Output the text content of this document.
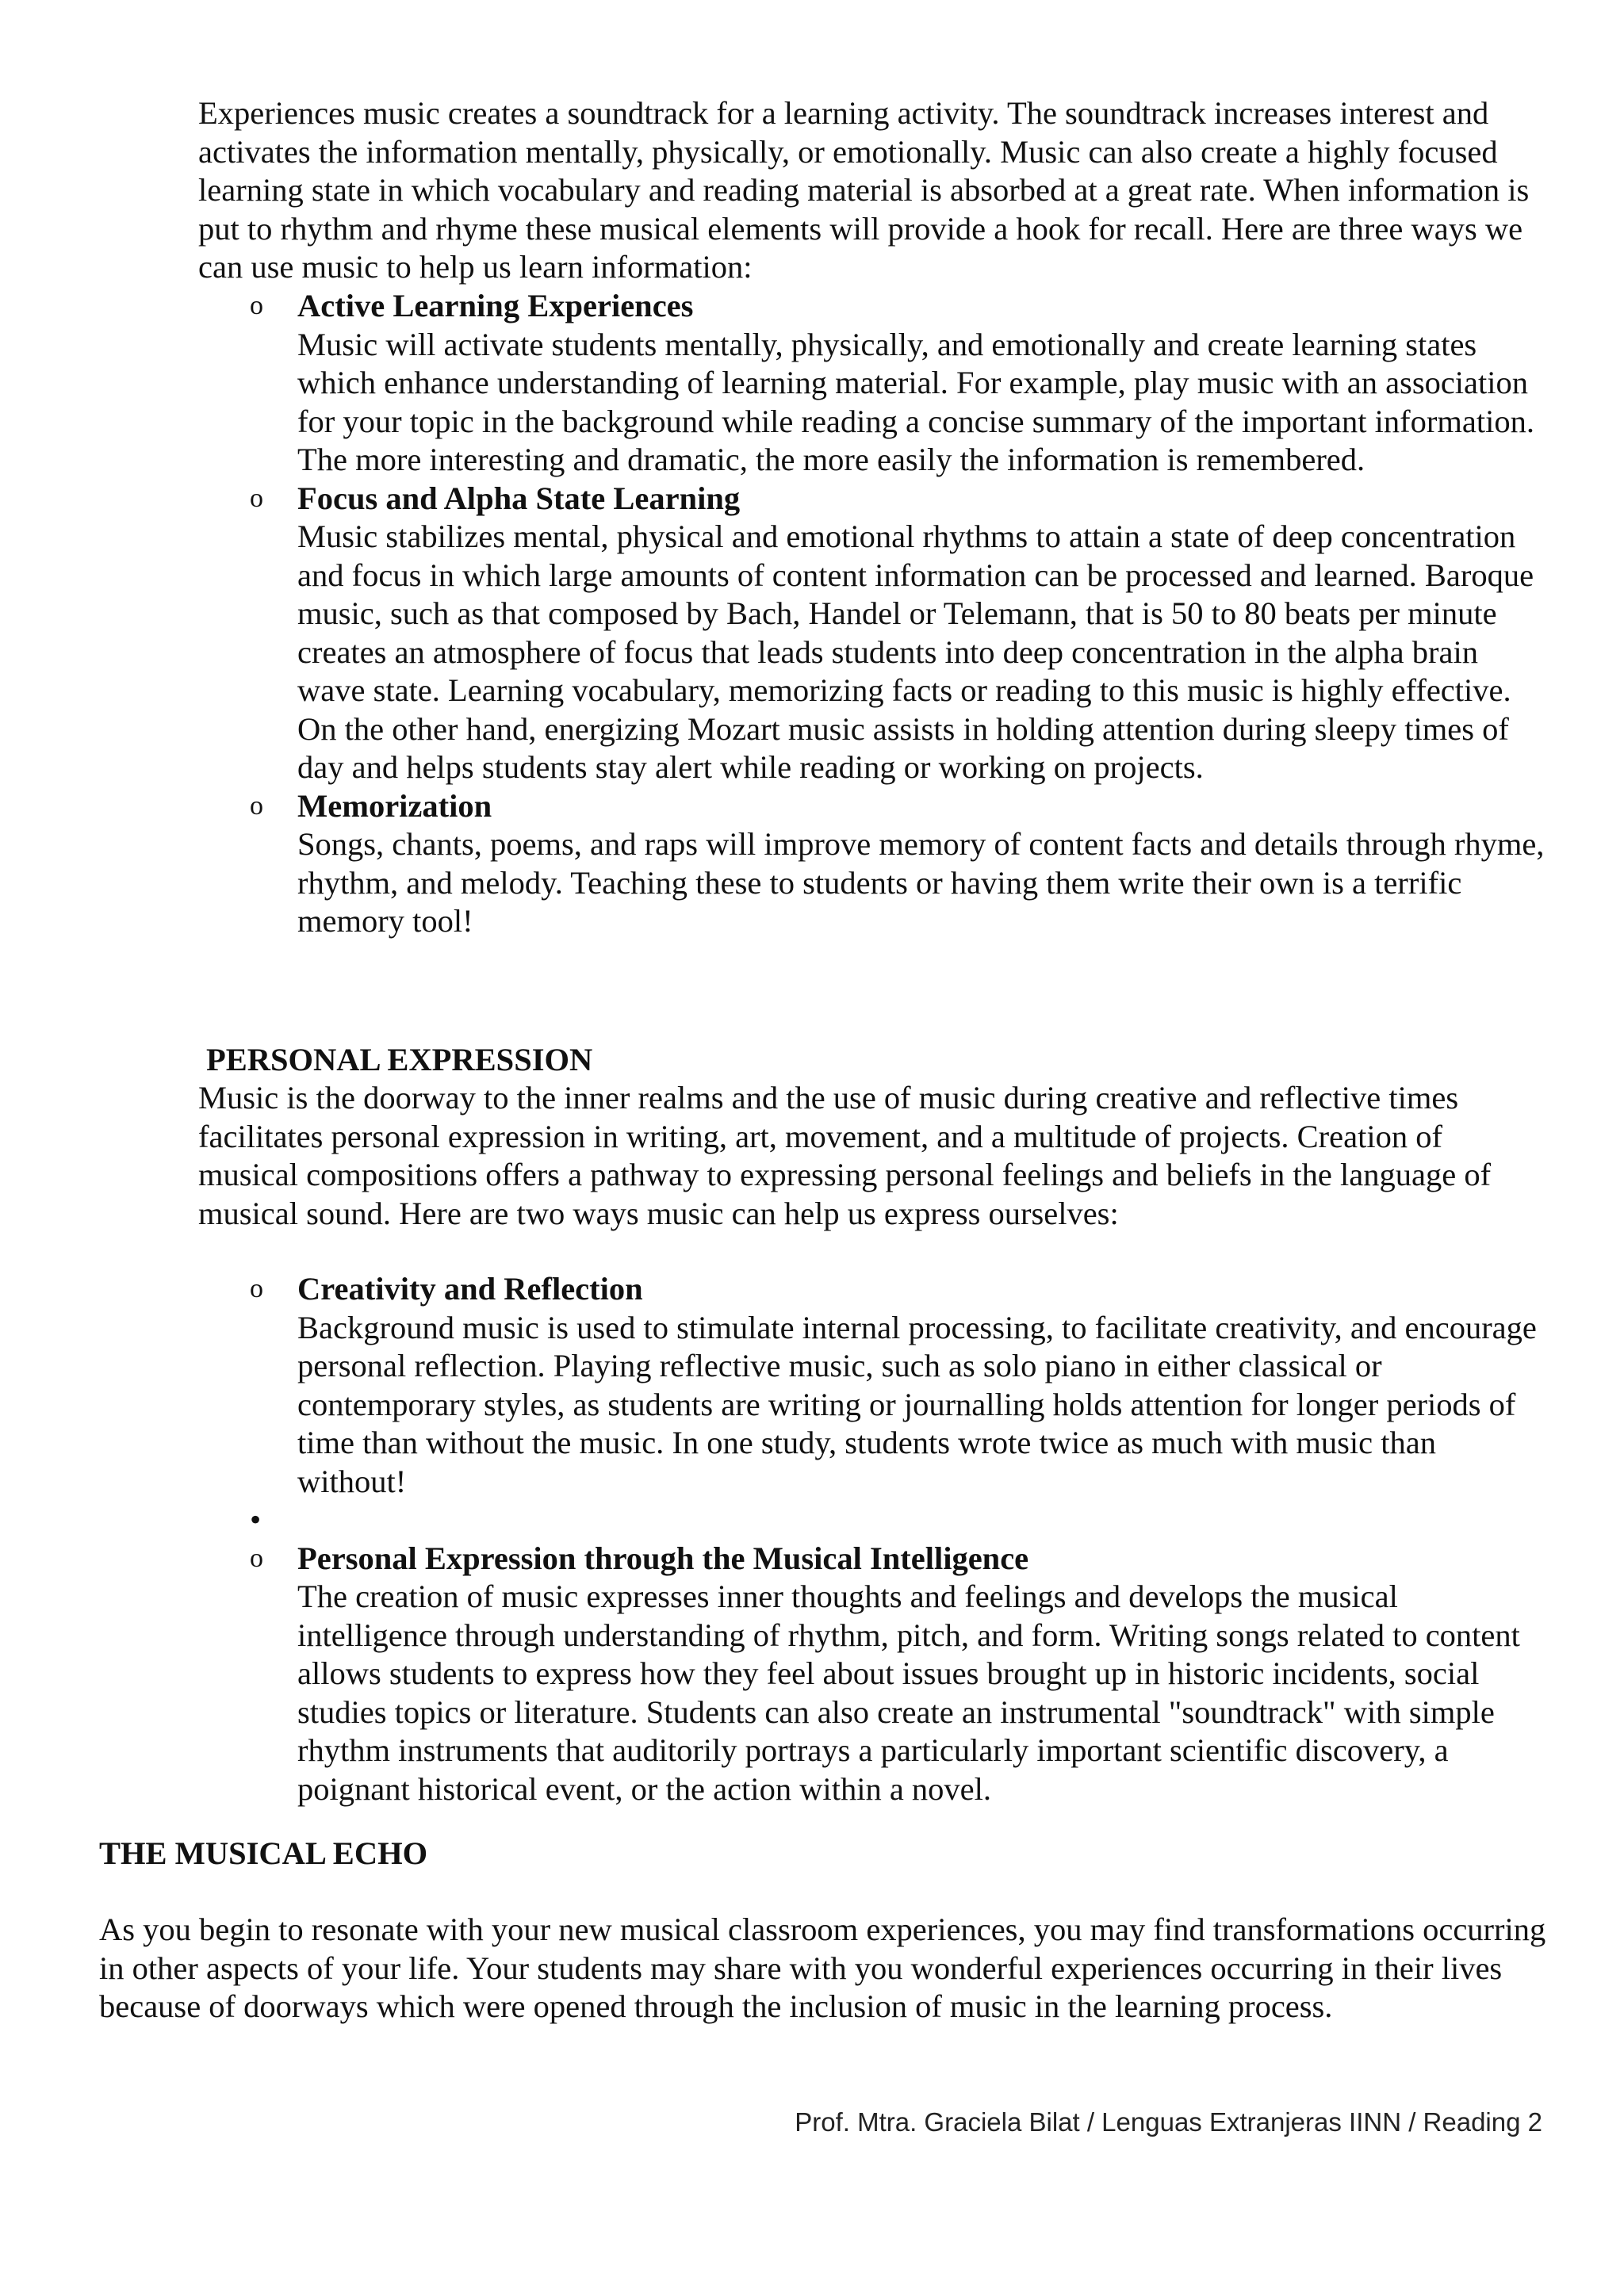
Experiences music creates a soundtrack for a learning activity. The soundtrack increases interest and activates the information mentally, physically, or emotionally. Music can also create a highly focused learning state in which vocabulary and reading material is absorbed at a great rate. When information is put to rhythm and rhyme these musical elements will provide a hook for recall. Here are three ways we can use music to help us learn information:

o Active Learning Experiences
Music will activate students mentally, physically, and emotionally and create learning states which enhance understanding of learning material. For example, play music with an association for your topic in the background while reading a concise summary of the important information. The more interesting and dramatic, the more easily the information is remembered.
o Focus and Alpha State Learning
Music stabilizes mental, physical and emotional rhythms to attain a state of deep concentration and focus in which large amounts of content information can be processed and learned. Baroque music, such as that composed by Bach, Handel or Telemann, that is 50 to 80 beats per minute creates an atmosphere of focus that leads students into deep concentration in the alpha brain wave state. Learning vocabulary, memorizing facts or reading to this music is highly effective. On the other hand, energizing Mozart music assists in holding attention during sleepy times of day and helps students stay alert while reading or working on projects.
o Memorization
Songs, chants, poems, and raps will improve memory of content facts and details through rhyme, rhythm, and melody. Teaching these to students or having them write their own is a terrific memory tool!
PERSONAL EXPRESSION

Music is the doorway to the inner realms and the use of music during creative and reflective times facilitates personal expression in writing, art, movement, and a multitude of projects. Creation of musical compositions offers a pathway to expressing personal feelings and beliefs in the language of musical sound. Here are two ways music can help us express ourselves:

o Creativity and Reflection
Background music is used to stimulate internal processing, to facilitate creativity, and encourage personal reflection. Playing reflective music, such as solo piano in either classical or contemporary styles, as students are writing or journalling holds attention for longer periods of time than without the music. In one study, students wrote twice as much with music than without!
•
o Personal Expression through the Musical Intelligence
The creation of music expresses inner thoughts and feelings and develops the musical intelligence through understanding of rhythm, pitch, and form. Writing songs related to content allows students to express how they feel about issues brought up in historic incidents, social studies topics or literature. Students can also create an instrumental "soundtrack" with simple rhythm instruments that auditorily portrays a particularly important scientific discovery, a poignant historical event, or the action within a novel.
THE MUSICAL ECHO

As you begin to resonate with your new musical classroom experiences, you may find transformations occurring in other aspects of your life. Your students may share with you wonderful experiences occurring in their lives because of doorways which were opened through the inclusion of music in the learning process.

Prof. Mtra. Graciela Bilat / Lenguas Extranjeras IINN / Reading 2
